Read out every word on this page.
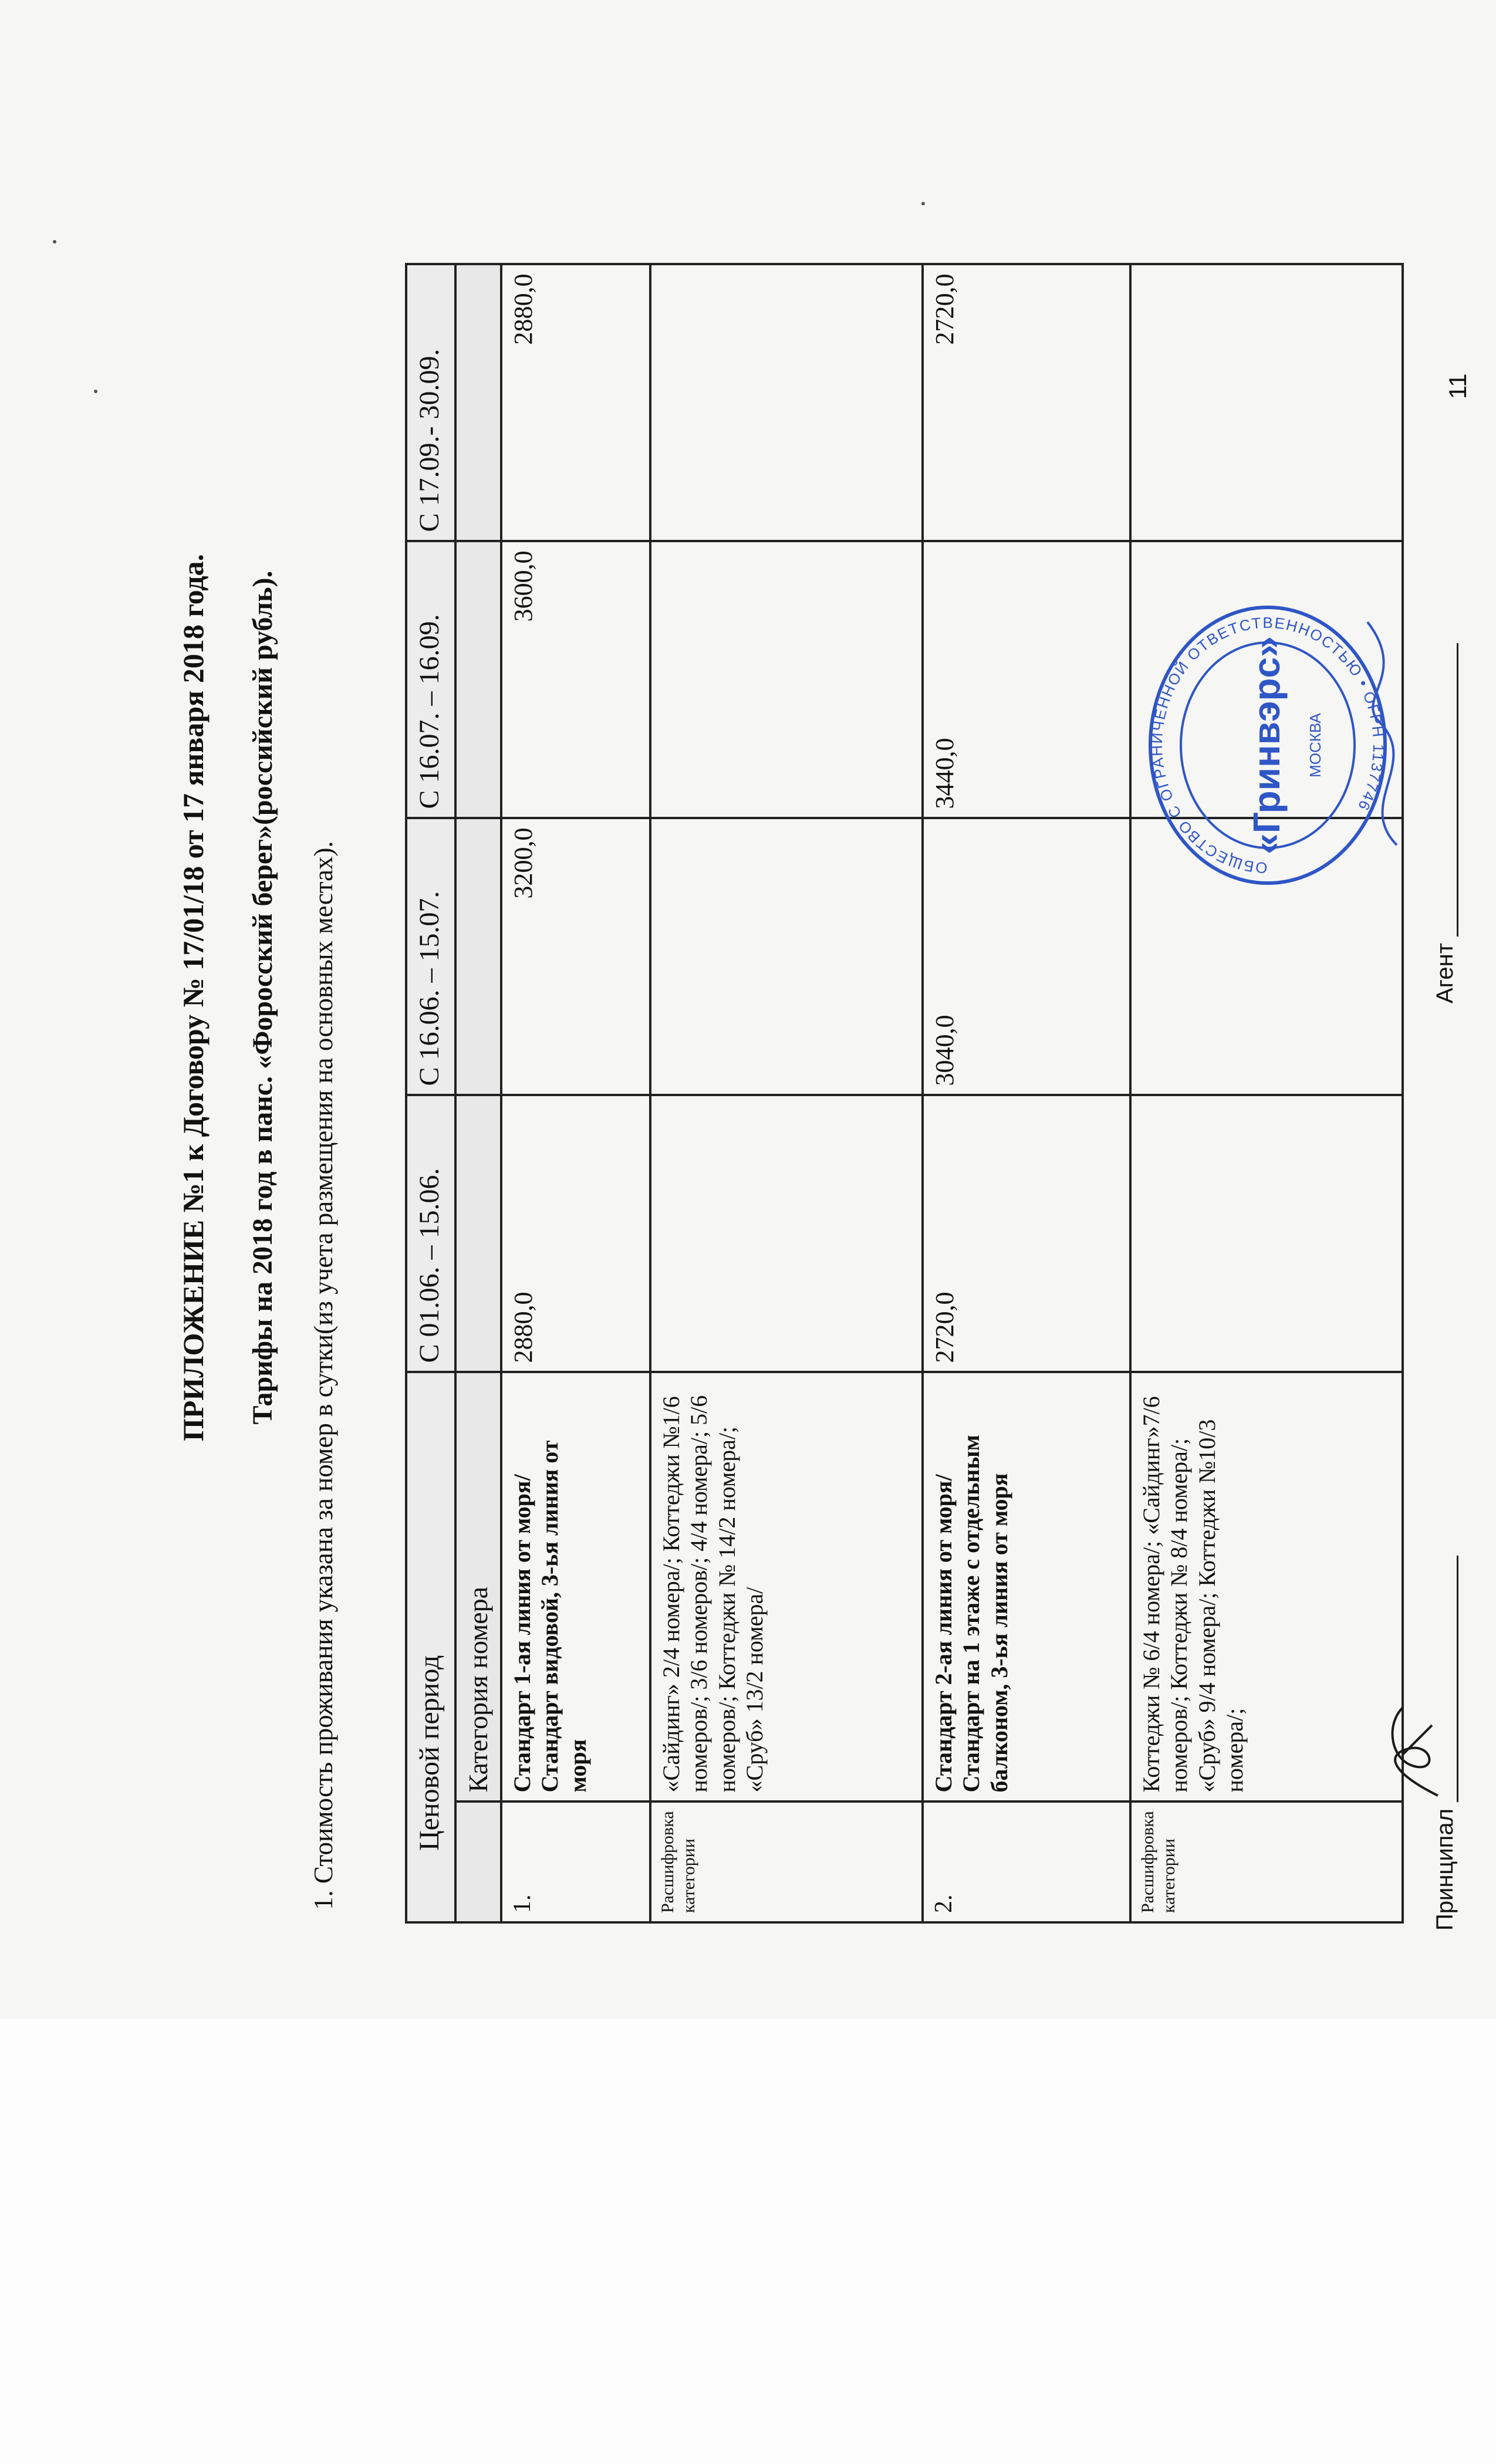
ПРИЛОЖЕНИЕ №1 к Договору № 17/01/18 от 17 января 2018 года. Тарифы на 2018 год в панс. «Форосский берег»(российский рубль). 1. Стоимость проживания указана за номер в сутки(из учета размещения на основных местах).	Ценовой период		С 01.06. – 15.06.	С 16.06. – 15.07.	С 16.07. – 16.09.	С 17.09.- 30.09.
	Категория номера				
1.	Стандарт 1-ая линия от моря/ Стандарт видовой, 3-ья линия от моря	2880,0	3200,0	3600,0	2880,0
Расшифровка категории	«Сайдинг» 2/4 номера/; Коттеджи №1/6 номеров/; 3/6 номеров/; 4/4 номера/; 5/6 номеров/; Коттеджи № 14/2 номера/; «Сруб» 13/2 номера/				
2.	Стандарт 2-ая линия от моря/ Стандарт на 1 этаже с отдельным балконом, 3-ья линия от моря	2720,0	3040,0	3440,0	2720,0
Расшифровка категории	Коттеджи № 6/4 номера/; «Сайдинг»7/6 номеров/; Коттеджи № 8/4 номера/; «Сруб» 9/4 номера/; Коттеджи №10/3 номера/;				
Принципал
Агент
11
ОБЩЕСТВО С ОГРАНИЧЕННОЙ ОТВЕТСТВЕННОСТЬЮ • ОГРН 1137746
«Гринвэрс» МОСКВА
